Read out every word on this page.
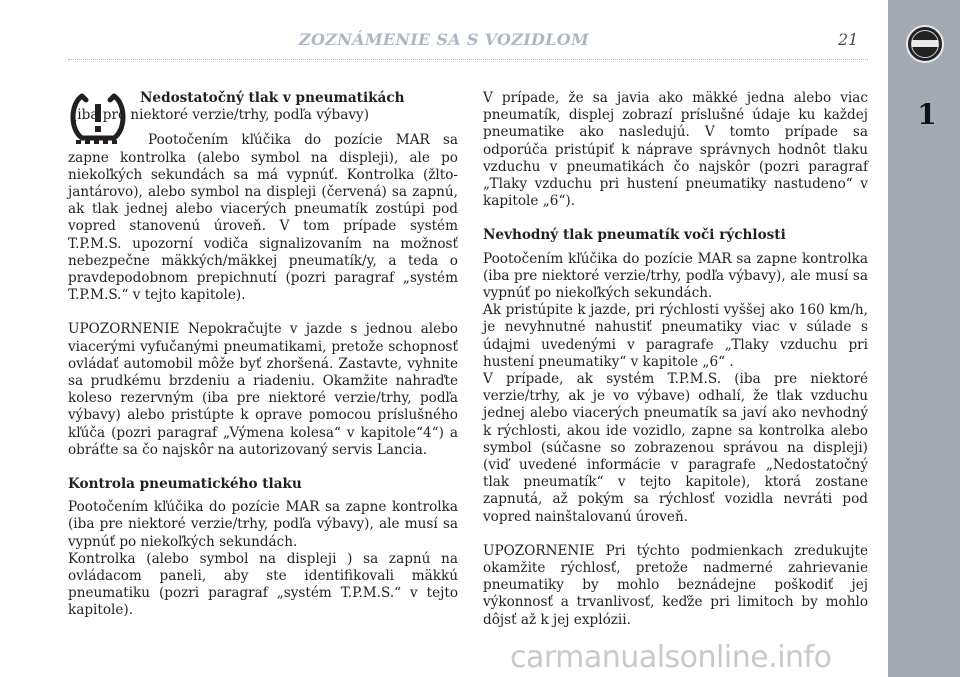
ZOZNÁMENIE SA S VOZIDLOM	21
1

Nedostatočný tlak v pneumatikách

(iba pre niektoré verzie/trhy, podľa výbavy)

Pootočením kľúčika do pozície MAR sa zapne kontrolka (alebo symbol na displeji), ale po niekoľkých sekundách sa má vypnúť. Kontrolka (žlto-jantárovo), alebo symbol na displeji (červená) sa zapnú, ak tlak jednej alebo viacerých pneumatík zostúpi pod vopred stanovenú úroveň. V tom prípade systém T.P.M.S. upozorní vodiča signalizovaním na možnosť nebezpečne mäkkých/mäkkej pneumatík/y, a teda o pravdepodobnom prepichnutí (pozri paragraf „systém T.P.M.S.“ v tejto kapitole).

UPOZORNENIE Nepokračujte v jazde s jednou alebo viacerými vyfučanými pneumatikami, pretože schopnosť ovládať automobil môže byť zhoršená. Zastavte, vyhnite sa prudkému brzdeniu a riadeniu. Okamžite nahraďte koleso rezervným (iba pre niektoré verzie/trhy, podľa výbavy) alebo pristúpte k oprave pomocou príslušného kľúča (pozri paragraf „Výmena kolesa“ v kapitole“4“) a obráťte sa čo najskôr na autorizovaný servis Lancia.

Kontrola pneumatického tlaku

Pootočením kľúčika do pozície MAR sa zapne kontrolka (iba pre niektoré verzie/trhy, podľa výbavy), ale musí sa vypnúť po niekoľkých sekundách.

Kontrolka (alebo symbol na displeji ) sa zapnú na ovládacom paneli, aby ste identifikovali mäkkú pneumatiku (pozri paragraf „systém T.P.M.S.“ v tejto kapitole).

V prípade, že sa javia ako mäkké jedna alebo viac pneumatík, displej zobrazí príslušné údaje ku každej pneumatike ako nasledujú. V tomto prípade sa odporúča pristúpiť k náprave správnych hodnôt tlaku vzduchu v pneumatikách čo najskôr (pozri paragraf „Tlaky vzduchu pri hustení pneumatiky nastudeno“ v kapitole „6“).

Nevhodný tlak pneumatík voči rýchlosti

Pootočením kľúčika do pozície MAR sa zapne kontrolka (iba pre niektoré verzie/trhy, podľa výbavy), ale musí sa vypnúť po niekoľkých sekundách.

Ak pristúpite k jazde, pri rýchlosti vyššej ako 160 km/h, je nevyhnutné nahustiť pneumatiky viac v súlade s údajmi uvedenými v paragrafe „Tlaky vzduchu pri hustení pneumatiky“ v kapitole „6“ .

V prípade, ak systém T.P.M.S. (iba pre niektoré verzie/trhy, ak je vo výbave) odhalí, že tlak vzduchu jednej alebo viacerých pneumatík sa javí ako nevhodný k rýchlosti, akou ide vozidlo, zapne sa kontrolka alebo symbol (súčasne so zobrazenou správou na displeji) (viď uvedené informácie v paragrafe „Nedostatočný tlak pneumatík“ v tejto kapitole), ktorá zostane zapnutá, až pokým sa rýchlosť vozidla nevráti pod vopred nainštalovanú úroveň.

UPOZORNENIE Pri týchto podmienkach zredukujte okamžite rýchlosť, pretože nadmerné zahrievanie pneumatiky by mohlo beznádejne poškodiť jej výkonnosť a trvanlivosť, keďže pri limitoch by mohlo dôjsť až k jej explózii.

carmanualsonline.info
